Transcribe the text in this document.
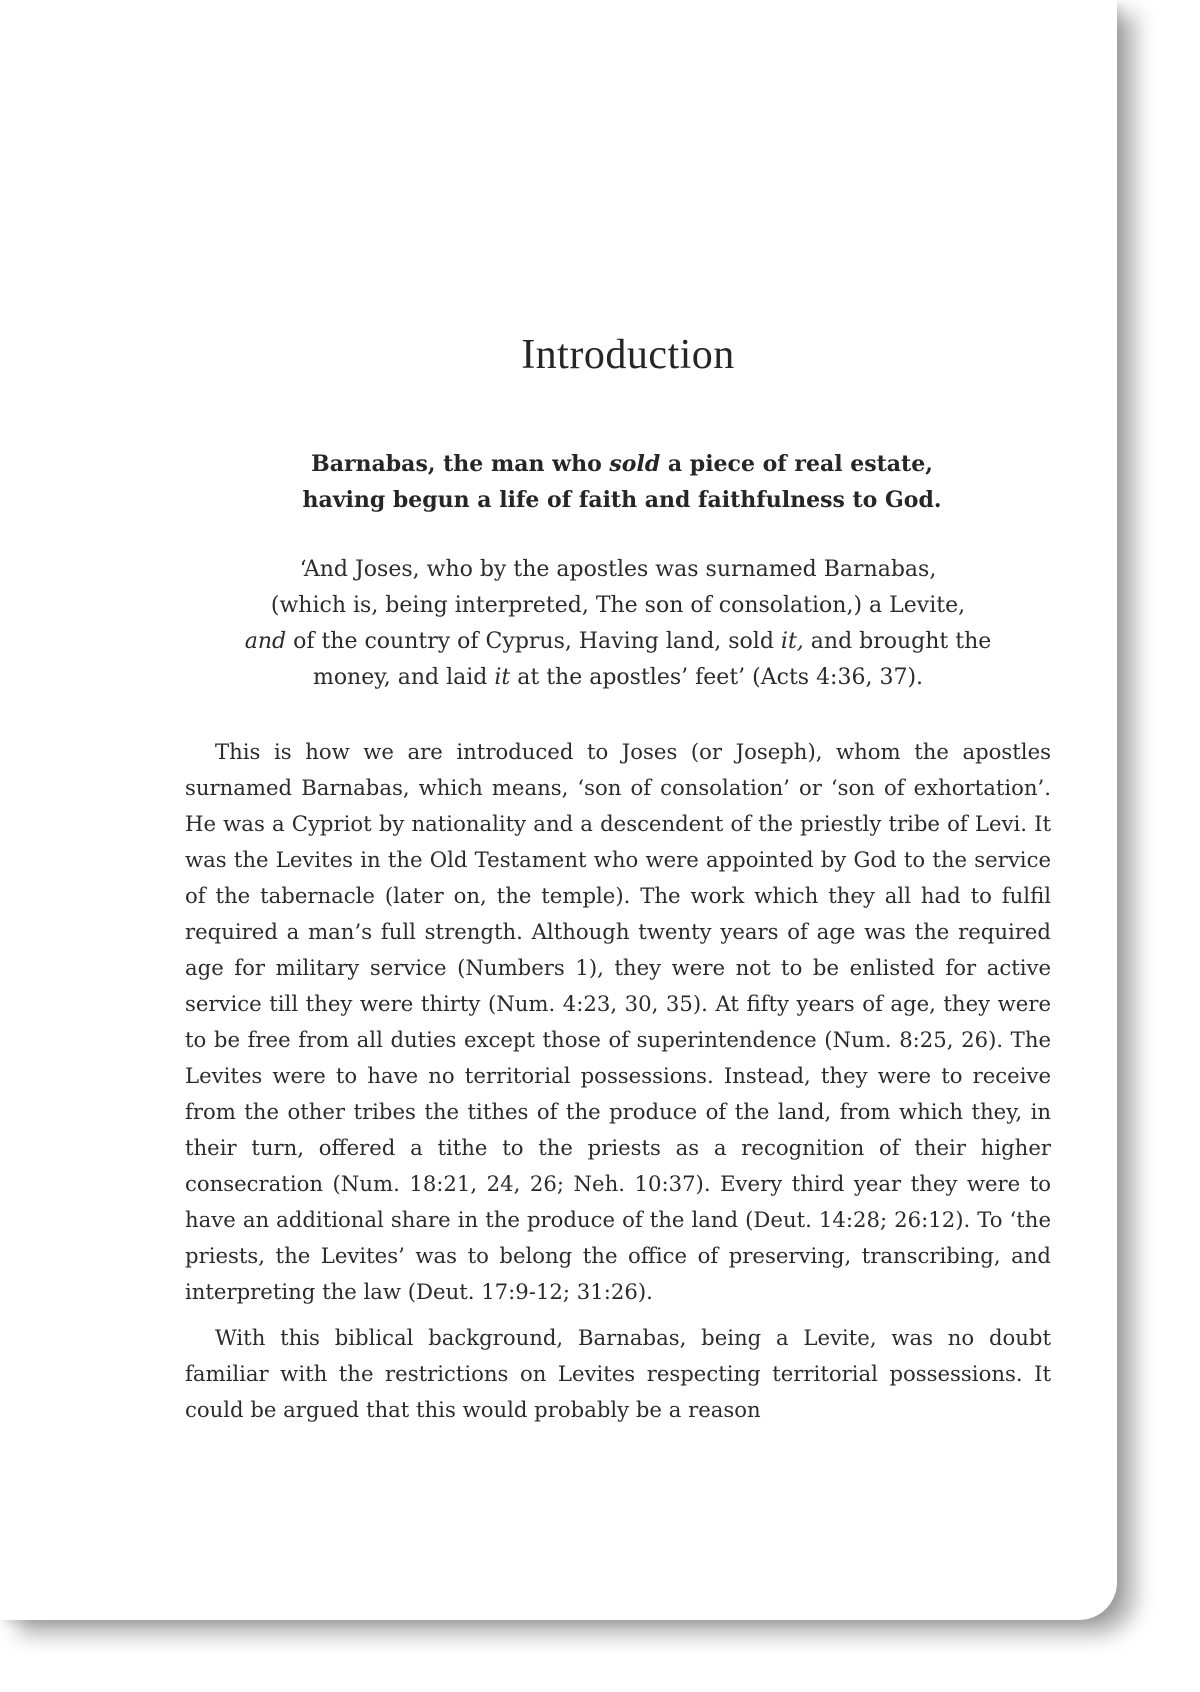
Introduction
Barnabas, the man who sold a piece of real estate,
having begun a life of faith and faithfulness to God.
‘And Joses, who by the apostles was surnamed Barnabas,
(which is, being interpreted, The son of consolation,) a Levite,
and of the country of Cyprus, Having land, sold it, and brought the
money, and laid it at the apostles’ feet’ (Acts 4:36, 37).

This is how we are introduced to Joses (or Joseph), whom the apostles surnamed Barnabas, which means, ‘son of consolation’ or ‘son of exhortation’. He was a Cypriot by nationality and a descendent of the priestly tribe of Levi. It was the Levites in the Old Testament who were appointed by God to the service of the tabernacle (later on, the temple). The work which they all had to fulfil required a man’s full strength. Although twenty years of age was the required age for military service (Numbers 1), they were not to be enlisted for active service till they were thirty (Num. 4:23, 30, 35). At fifty years of age, they were to be free from all duties except those of superintendence (Num. 8:25, 26). The Levites were to have no territorial possessions. Instead, they were to receive from the other tribes the tithes of the produce of the land, from which they, in their turn, offered a tithe to the priests as a recognition of their higher consecration (Num. 18:21, 24, 26; Neh. 10:37). Every third year they were to have an additional share in the produce of the land (Deut. 14:28; 26:12). To ‘the priests, the Levites’ was to belong the office of preserving, transcribing, and interpreting the law (Deut. 17:9-12; 31:26).

With this biblical background, Barnabas, being a Levite, was no doubt familiar with the restrictions on Levites respecting territorial possessions. It could be argued that this would probably be a reason
